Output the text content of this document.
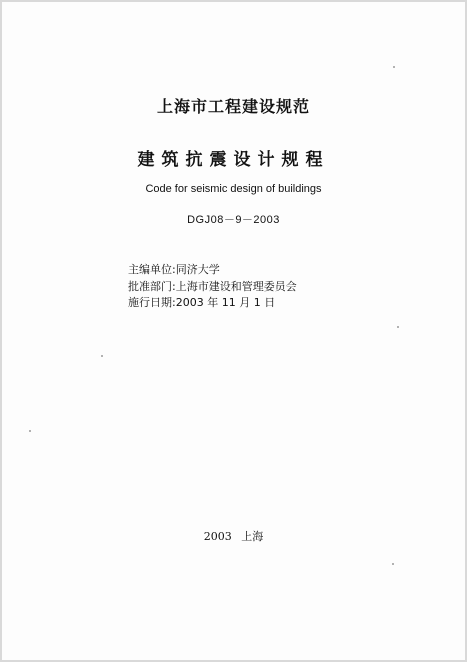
上海市工程建设规范
建筑抗震设计规程
Code for seismic design of buildings
DGJ08－9－2003
主编单位:同济大学
批准部门:上海市建设和管理委员会
施行日期:2003 年 11 月 1 日
2003 上海
